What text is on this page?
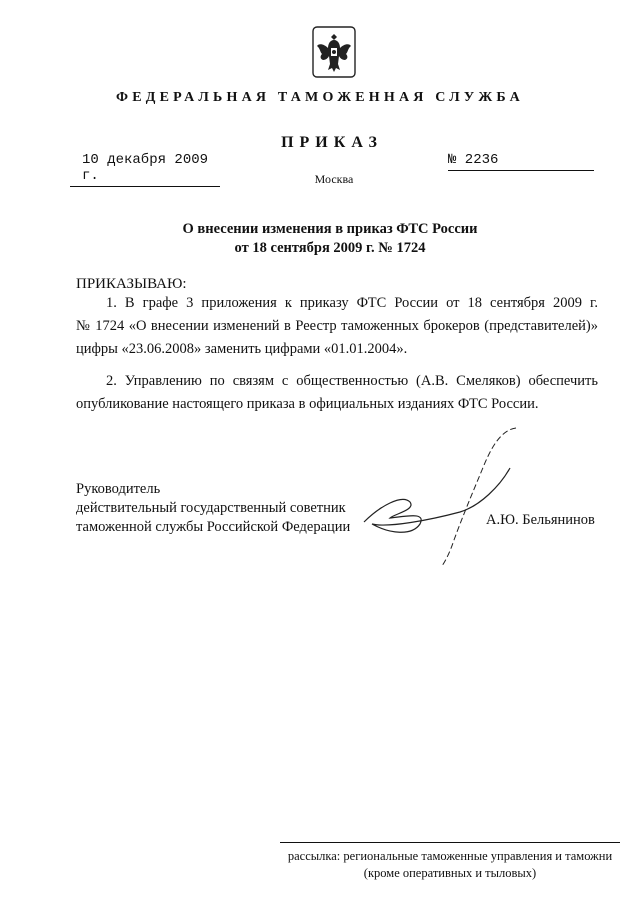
ФЕДЕРАЛЬНАЯ ТАМОЖЕННАЯ СЛУЖБА
ПРИКАЗ
10 декабря 2009 г.
№ 2236
Москва
О внесении изменения в приказ ФТС России
от 18 сентября 2009 г. № 1724
ПРИКАЗЫВАЮ:
1. В графе 3 приложения к приказу ФТС России от 18 сентября 2009 г.
№ 1724 «О внесении изменений в Реестр таможенных брокеров (представителей)»
цифры «23.06.2008» заменить цифрами «01.01.2004».
2. Управлению по связям с общественностью (А.В. Смеляков) обеспечить
опубликование настоящего приказа в официальных изданиях ФТС России.
Руководитель
действительный государственный советник
таможенной службы Российской Федерации	А.Ю. Бельянинов
рассылка: региональные таможенные управления и таможни
(кроме оперативных и тыловых)
